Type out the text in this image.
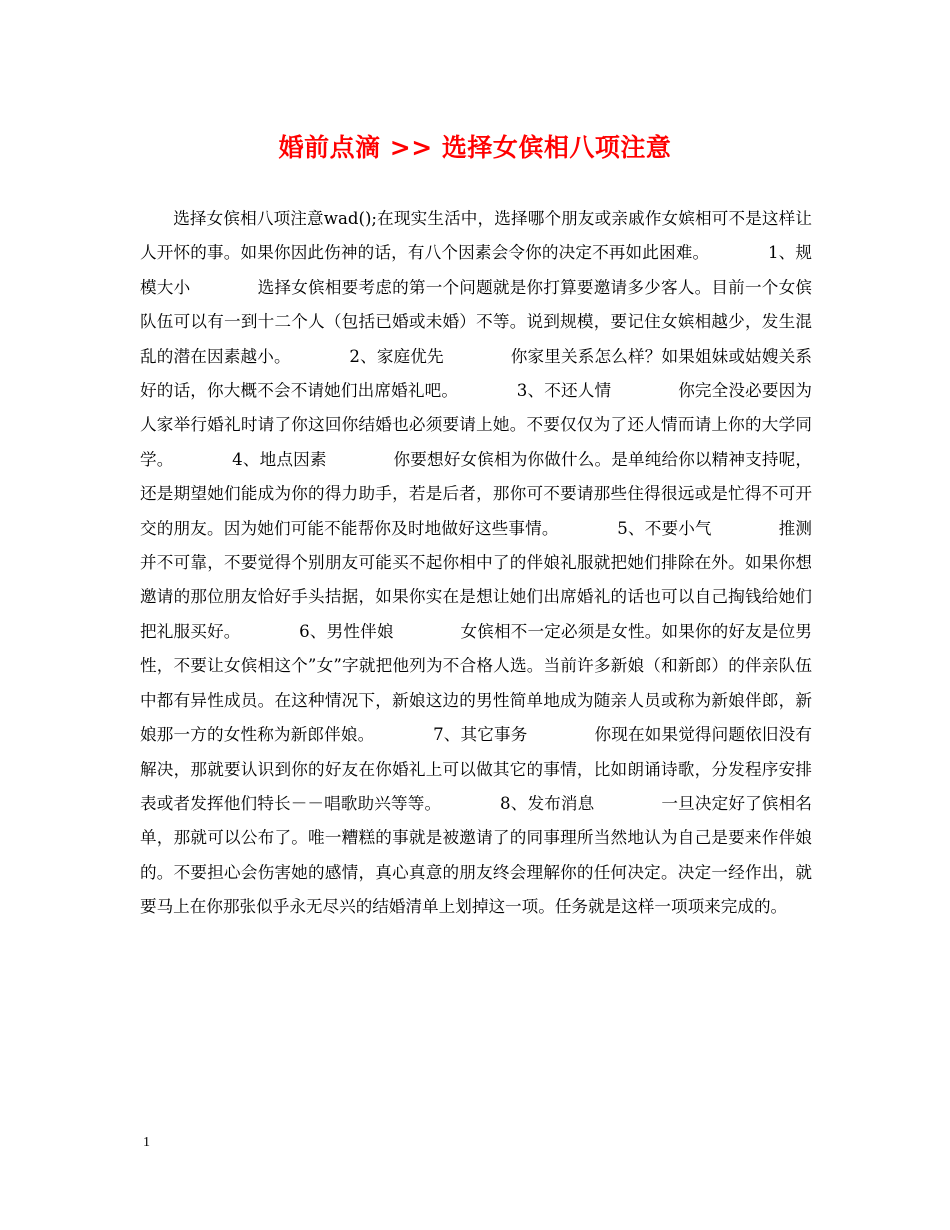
婚前点滴 >> 选择女傧相八项注意

选择女傧相八项注意wad();在现实生活中，选择哪个朋友或亲戚作女嫔相可不是这样让人开怀的事。如果你因此伤神的话，有八个因素会令你的决定不再如此困难。　　　　1、规模大小　　　　选择女傧相要考虑的第一个问题就是你打算要邀请多少客人。目前一个女傧队伍可以有一到十二个人（包括已婚或未婚）不等。说到规模，要记住女嫔相越少，发生混乱的潜在因素越小。　　　　2、家庭优先　　　　你家里关系怎么样？如果姐妹或姑嫂关系好的话，你大概不会不请她们出席婚礼吧。　　　　3、不还人情　　　　你完全没必要因为人家举行婚礼时请了你这回你结婚也必须要请上她。不要仅仅为了还人情而请上你的大学同学。　　　　4、地点因素　　　　你要想好女傧相为你做什么。是单纯给你以精神支持呢，还是期望她们能成为你的得力助手，若是后者，那你可不要请那些住得很远或是忙得不可开交的朋友。因为她们可能不能帮你及时地做好这些事情。　　　　5、不要小气　　　　推测并不可靠，不要觉得个别朋友可能买不起你相中了的伴娘礼服就把她们排除在外。如果你想邀请的那位朋友恰好手头拮据，如果你实在是想让她们出席婚礼的话也可以自己掏钱给她们把礼服买好。　　　　6、男性伴娘　　　　女傧相不一定必须是女性。如果你的好友是位男性，不要让女傧相这个”女”字就把他列为不合格人选。当前许多新娘（和新郎）的伴亲队伍中都有异性成员。在这种情况下，新娘这边的男性简单地成为随亲人员或称为新娘伴郎，新娘那一方的女性称为新郎伴娘。　　　　7、其它事务　　　　你现在如果觉得问题依旧没有解决，那就要认识到你的好友在你婚礼上可以做其它的事情，比如朗诵诗歌，分发程序安排表或者发挥他们特长－－唱歌助兴等等。　　　　8、发布消息　　　　一旦决定好了傧相名单，那就可以公布了。唯一糟糕的事就是被邀请了的同事理所当然地认为自己是要来作伴娘的。不要担心会伤害她的感情，真心真意的朋友终会理解你的任何决定。决定一经作出，就要马上在你那张似乎永无尽兴的结婚清单上划掉这一项。任务就是这样一项项来完成的。

1
